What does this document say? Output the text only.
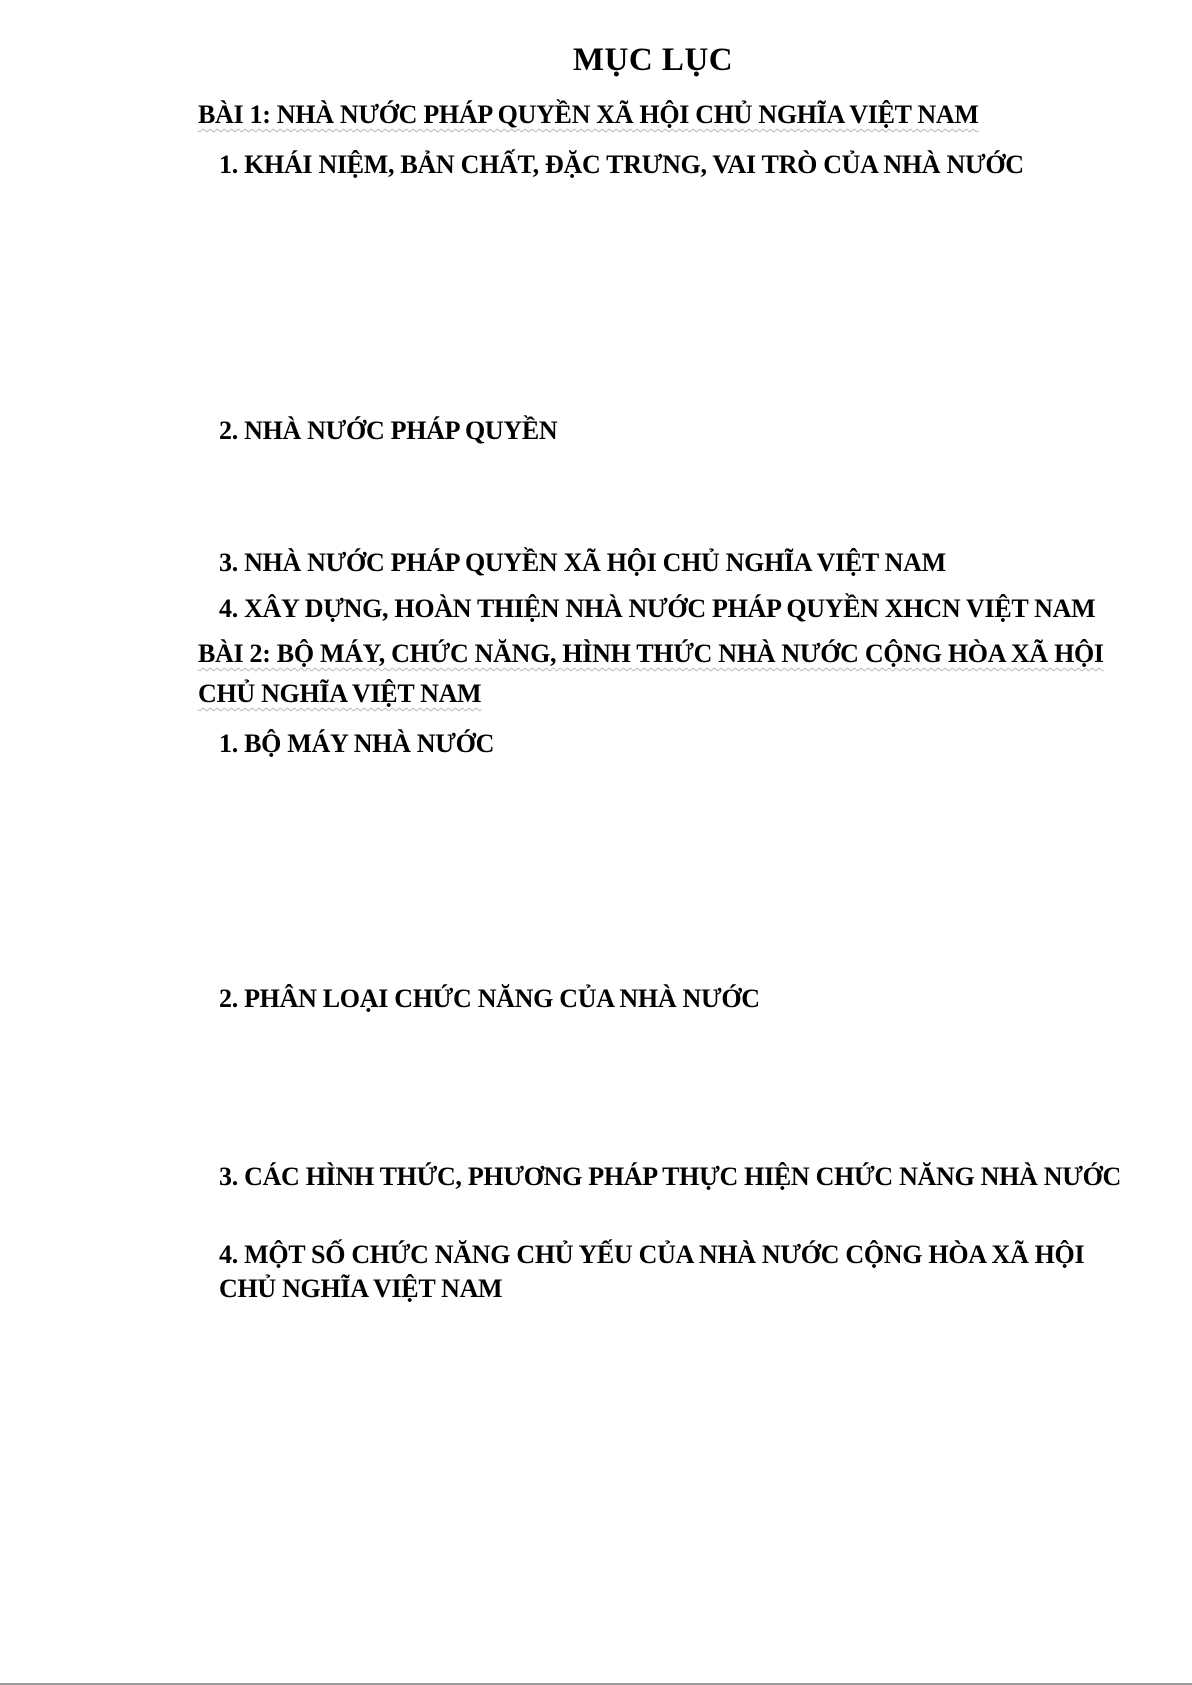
MỤC LỤC
BÀI 1: NHÀ NƯỚC PHÁP QUYỀN XÃ HỘI CHỦ NGHĨA VIỆT NAM
1. KHÁI NIỆM, BẢN CHẤT, ĐẶC TRƯNG, VAI TRÒ CỦA NHÀ NƯỚC
2. NHÀ NƯỚC PHÁP QUYỀN
3. NHÀ NƯỚC PHÁP QUYỀN XÃ HỘI CHỦ NGHĨA VIỆT NAM
4. XÂY DỰNG, HOÀN THIỆN NHÀ NƯỚC PHÁP QUYỀN XHCN VIỆT NAM
BÀI 2: BỘ MÁY, CHỨC NĂNG, HÌNH THỨC NHÀ NƯỚC CỘNG HÒA XÃ HỘI
CHỦ NGHĨA VIỆT NAM
1. BỘ MÁY NHÀ NƯỚC
2. PHÂN LOẠI CHỨC NĂNG CỦA NHÀ NƯỚC
3. CÁC HÌNH THỨC, PHƯƠNG PHÁP THỰC HIỆN CHỨC NĂNG NHÀ NƯỚC
4. MỘT SỐ CHỨC NĂNG CHỦ YẾU CỦA NHÀ NƯỚC CỘNG HÒA XÃ HỘI
CHỦ NGHĨA VIỆT NAM
